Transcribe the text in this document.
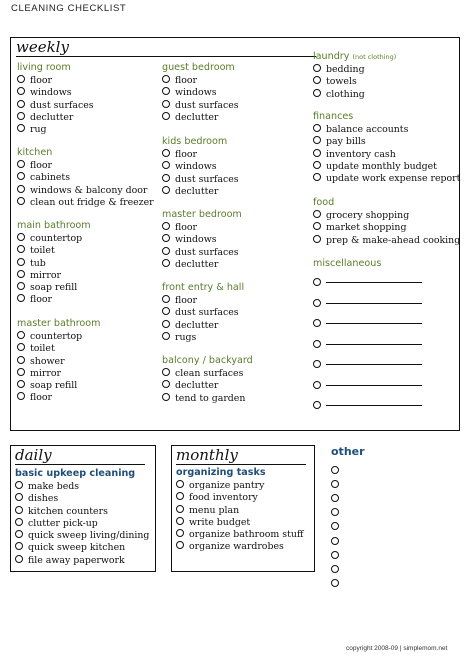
CLEANING CHECKLIST
weekly
living room
floor
windows
dust surfaces
declutter
rug
kitchen
floor
cabinets
windows & balcony door
clean out fridge & freezer
main bathroom
countertop
toilet
tub
mirror
soap refill
floor
master bathroom
countertop
toilet
shower
mirror
soap refill
floor
guest bedroom
floor
windows
dust surfaces
declutter
kids bedroom
floor
windows
dust surfaces
declutter
master bedroom
floor
windows
dust surfaces
declutter
front entry & hall
floor
dust surfaces
declutter
rugs
balcony / backyard
clean surfaces
declutter
tend to garden
laundry (not clothing)
bedding
towels
clothing
finances
balance accounts
pay bills
inventory cash
update monthly budget
update work expense report
food
grocery shopping
market shopping
prep & make-ahead cooking
miscellaneous
daily
basic upkeep cleaning
make beds
dishes
kitchen counters
clutter pick-up
quick sweep living/dining
quick sweep kitchen
file away paperwork
monthly
organizing tasks
organize pantry
food inventory
menu plan
write budget
organize bathroom stuff
organize wardrobes
other
copyright 2008-09 | simplemom.net
